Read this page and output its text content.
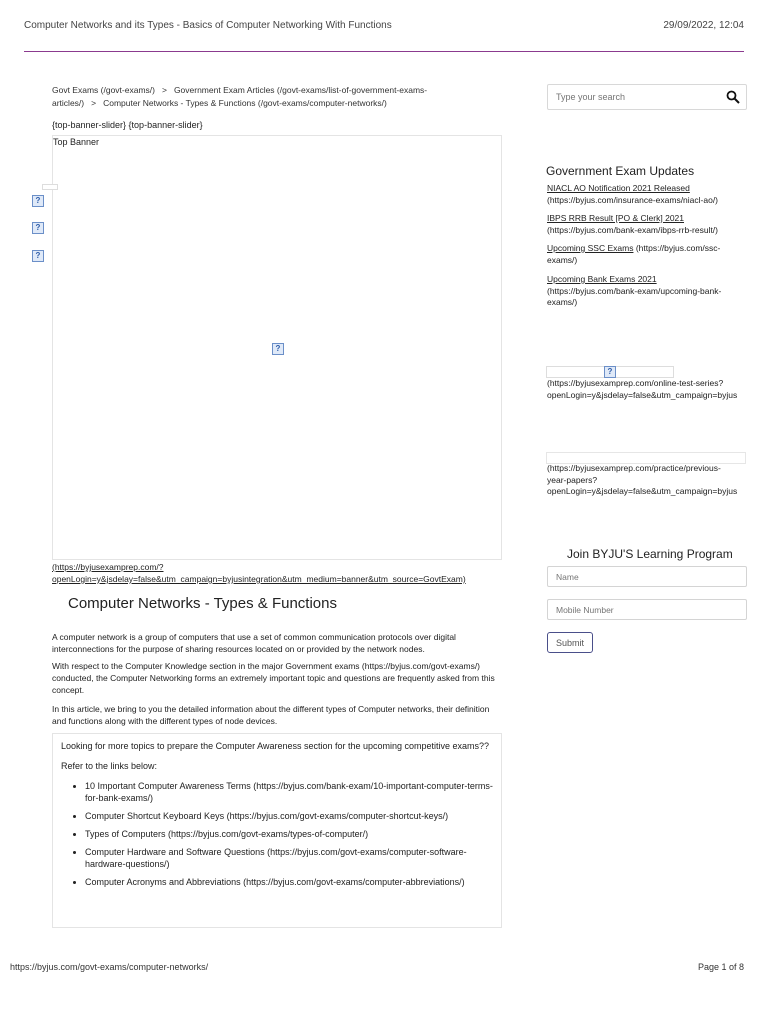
Computer Networks and its Types - Basics of Computer Networking With Functions	29/09/2022, 12:04
Govt Exams (/govt-exams/) > Government Exam Articles (/govt-exams/list-of-government-exams-
articles/) > Computer Networks - Types & Functions (/govt-exams/computer-networks/)
{top-banner-slider} {top-banner-slider}
Top Banner
?
?
?
?
(https://byjusexamprep.com/?
openLogin=y&jsdelay=false&utm_campaign=byjusintegration&utm_medium=banner&utm_source=GovtExam)
Computer Networks - Types & Functions
A computer network is a group of computers that use a set of common communication protocols over digital interconnections for the purpose of sharing resources located on or provided by the network nodes.
With respect to the Computer Knowledge section in the major Government exams (https://byjus.com/govt-exams/) conducted, the Computer Networking forms an extremely important topic and questions are frequently asked from this concept.
In this article, we bring to you the detailed information about the different types of Computer networks, their definition and functions along with the different types of node devices.
Looking for more topics to prepare the Computer Awareness section for the upcoming competitive exams??
Refer to the links below:
• 10 Important Computer Awareness Terms (https://byjus.com/bank-exam/10-important-computer-terms-for-bank-exams/)
• Computer Shortcut Keyboard Keys (https://byjus.com/govt-exams/computer-shortcut-keys/)
• Types of Computers (https://byjus.com/govt-exams/types-of-computer/)
• Computer Hardware and Software Questions (https://byjus.com/govt-exams/computer-software-hardware-questions/)
• Computer Acronyms and Abbreviations (https://byjus.com/govt-exams/computer-abbreviations/)
Type your search
Government Exam Updates
NIACL AO Notification 2021 Released
(https://byjus.com/insurance-exams/niacl-ao/)
IBPS RRB Result [PO & Clerk] 2021
(https://byjus.com/bank-exam/ibps-rrb-result/)
Upcoming SSC Exams (https://byjus.com/ssc-exams/)
Upcoming Bank Exams 2021
(https://byjus.com/bank-exam/upcoming-bank-exams/)
?
(https://byjusexamprep.com/online-test-series?
openLogin=y&jsdelay=false&utm_campaign=byjus
(https://byjusexamprep.com/practice/previous-
year-papers?
openLogin=y&jsdelay=false&utm_campaign=byjus
Join BYJU'S Learning Program
Name
Mobile Number
Submit
https://byjus.com/govt-exams/computer-networks/	Page 1 of 8
